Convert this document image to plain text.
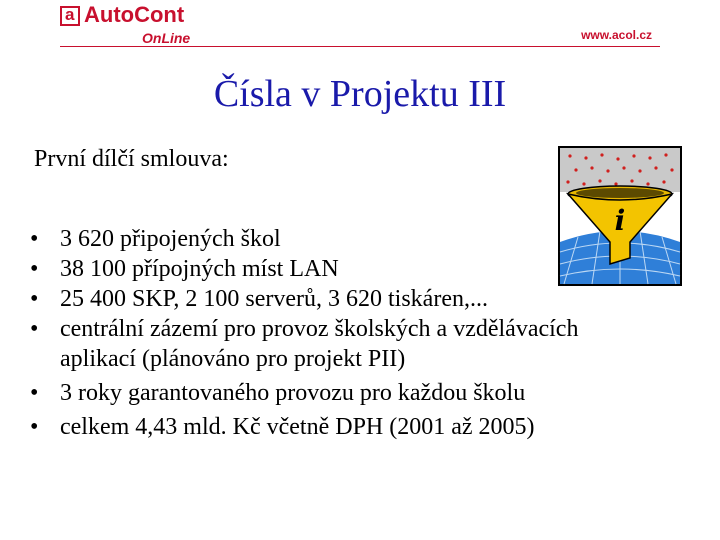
a AutoCont
OnLine	www.acol.cz
Čísla v Projektu III
První dílčí smlouva:
• 3 620 připojených škol
• 38 100 přípojných míst LAN
• 25 400 SKP, 2 100 serverů, 3 620 tiskáren,...
• centrální zázemí pro provoz školských a vzdělávacích aplikací (plánováno pro projekt PII)
• 3 roky garantovaného provozu pro každou školu
• celkem 4,43 mld. Kč včetně DPH (2001 až 2005)
i
